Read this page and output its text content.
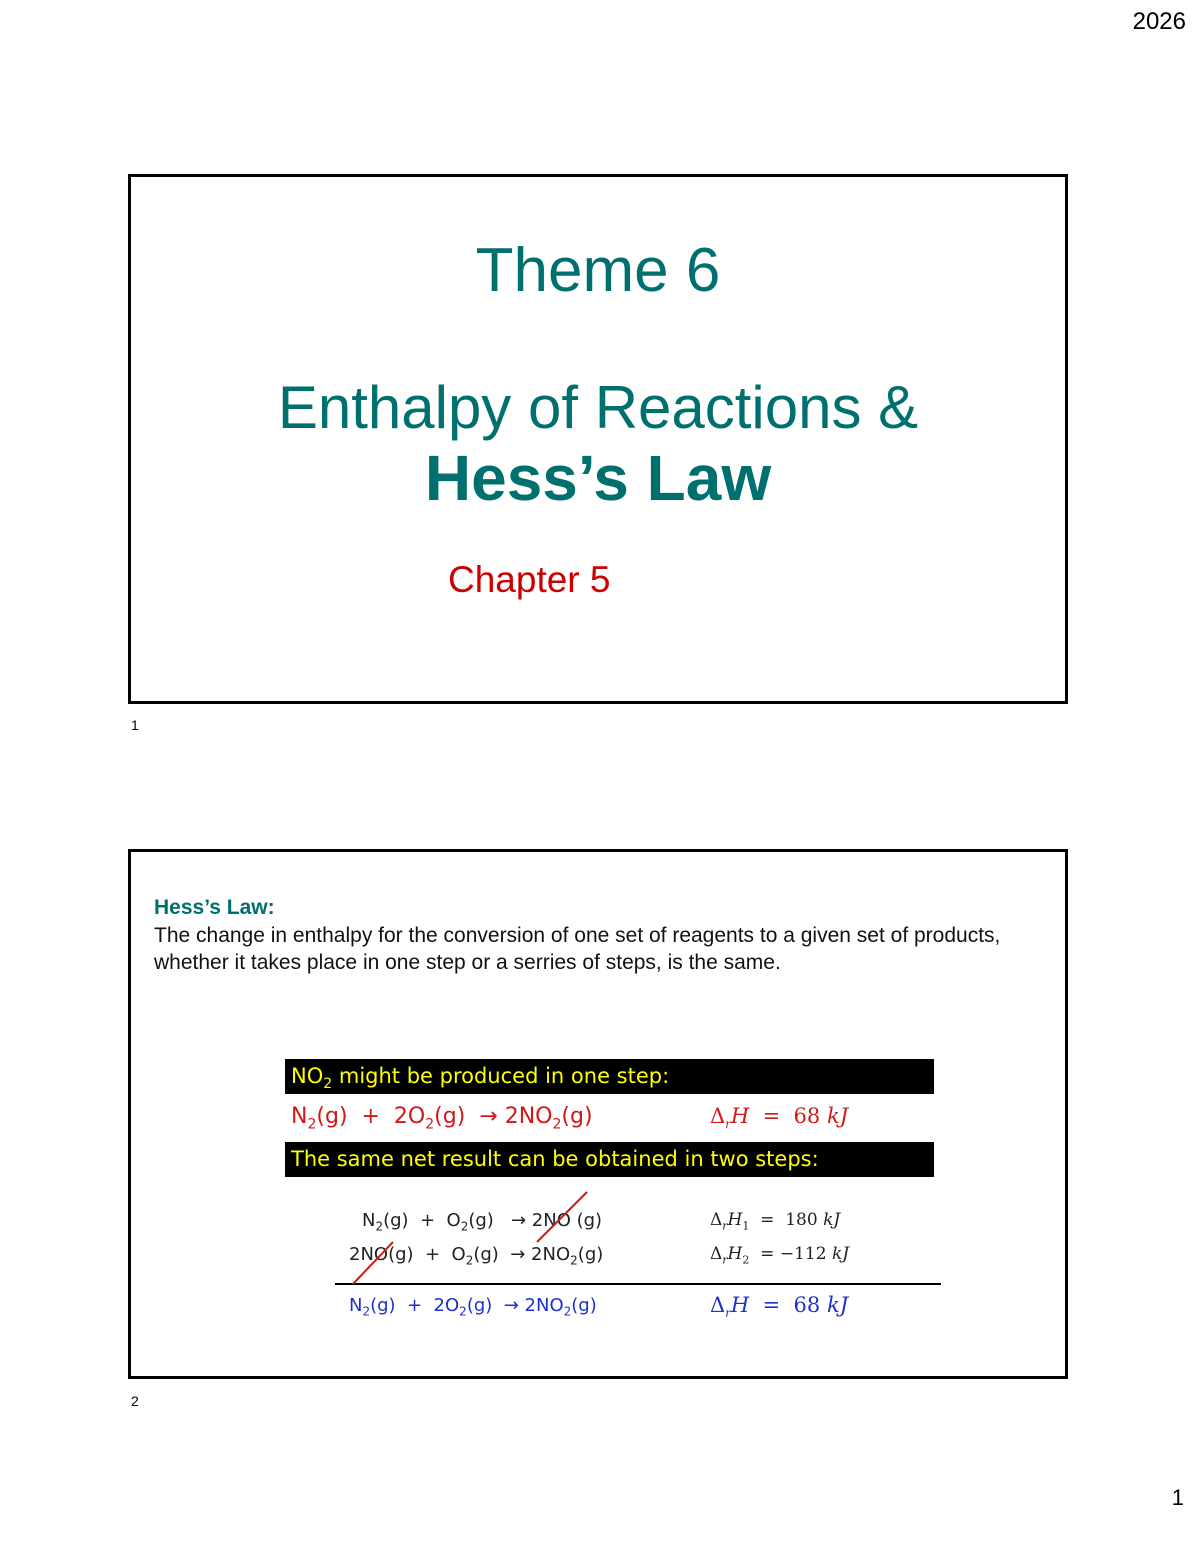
2026
Theme 6
Enthalpy of Reactions &
Hess’s Law
Chapter 5
1
Hess’s Law:
The change in enthalpy for the conversion of one set of reagents to a given set of products, whether it takes place in one step or a serries of steps, is the same.
$NO_2$ might be produced in one step:
$N_2(g) + 2O_2(g) \to 2NO_2(g)$	$\Delta_rH = 68$ kJ
The same net result can be obtained in two steps:
$N_2(g) + O_2(g) \to 2NO$ (g)	$\Delta_rH_1 = 180$ kJ
$2NO(g) + O_2(g) \to 2NO_2(g)$	$\Delta_rH_2 = -112$ kJ
$N_2(g) + 2O_2(g) \to 2NO_2(g)$	$\Delta_rH = 68$ kJ
2
1
